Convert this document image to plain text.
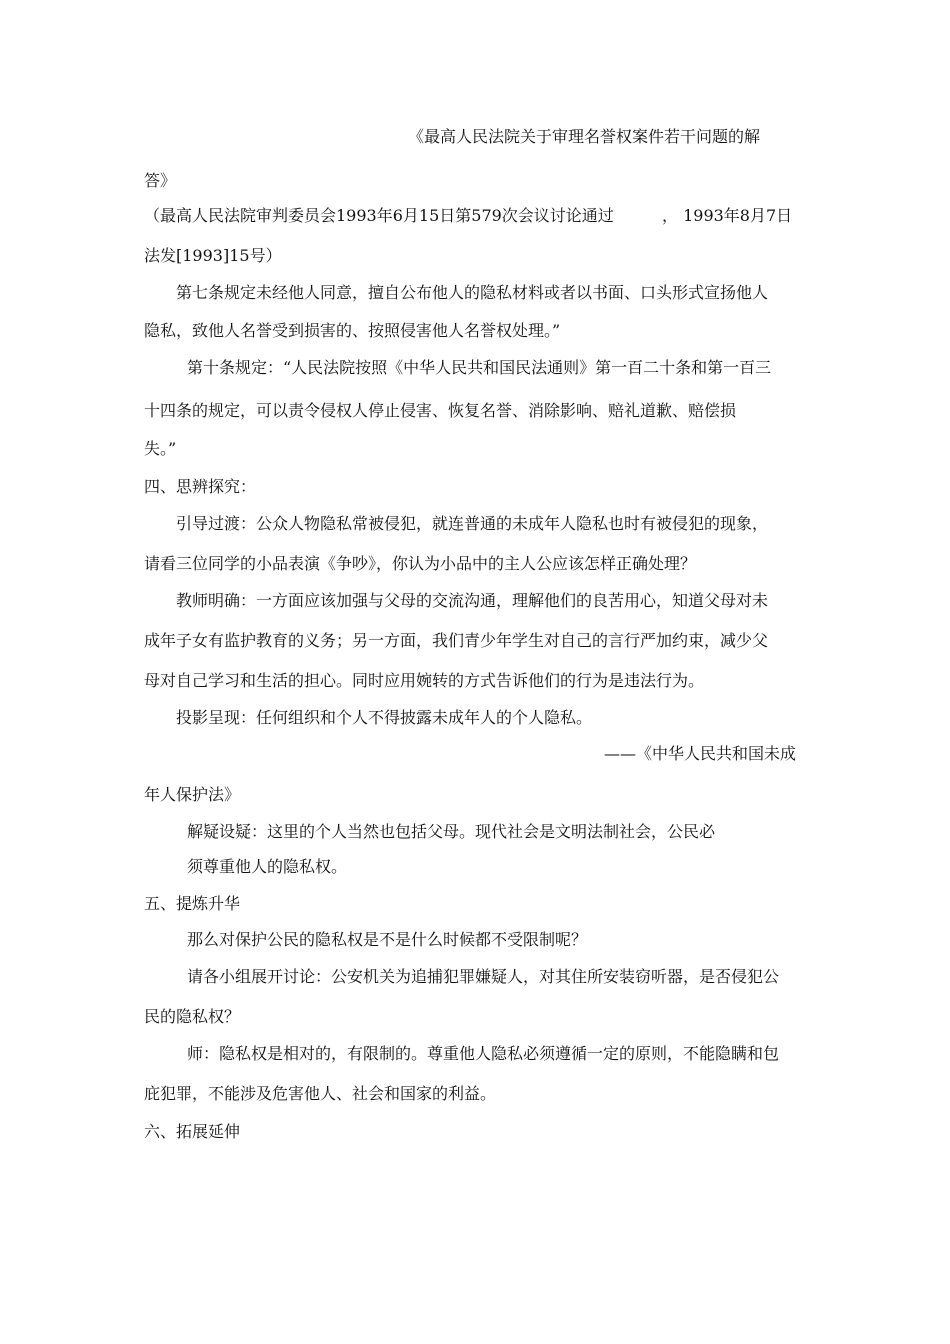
《最高人民法院关于审理名誉权案件若干问题的解
答》
（最高人民法院审判委员会1993年6月15日第579次会议讨论通过	， 1993年8月7日
法发[1993]15号）
第七条规定未经他人同意，擅自公布他人的隐私材料或者以书面、口头形式宣扬他人
隐私，致他人名誉受到损害的、按照侵害他人名誉权处理。”
第十条规定：“人民法院按照《中华人民共和国民法通则》第一百二十条和第一百三
十四条的规定，可以责令侵权人停止侵害、恢复名誉、消除影响、赔礼道歉、赔偿损
失。”
四、思辨探究：
引导过渡：公众人物隐私常被侵犯，就连普通的未成年人隐私也时有被侵犯的现象，
请看三位同学的小品表演《争吵》，你认为小品中的主人公应该怎样正确处理？
教师明确：一方面应该加强与父母的交流沟通，理解他们的良苦用心，知道父母对未
成年子女有监护教育的义务；另一方面，我们青少年学生对自己的言行严加约束，减少父
母对自己学习和生活的担心。同时应用婉转的方式告诉他们的行为是违法行为。
投影呈现：任何组织和个人不得披露未成年人的个人隐私。
——《中华人民共和国未成
年人保护法》
解疑设疑：这里的个人当然也包括父母。现代社会是文明法制社会，公民必
须尊重他人的隐私权。
五、提炼升华
那么对保护公民的隐私权是不是什么时候都不受限制呢？
请各小组展开讨论：公安机关为追捕犯罪嫌疑人，对其住所安装窃听器，是否侵犯公
民的隐私权？
师：隐私权是相对的，有限制的。尊重他人隐私必须遵循一定的原则，不能隐瞒和包
庇犯罪，不能涉及危害他人、社会和国家的利益。
六、拓展延伸
